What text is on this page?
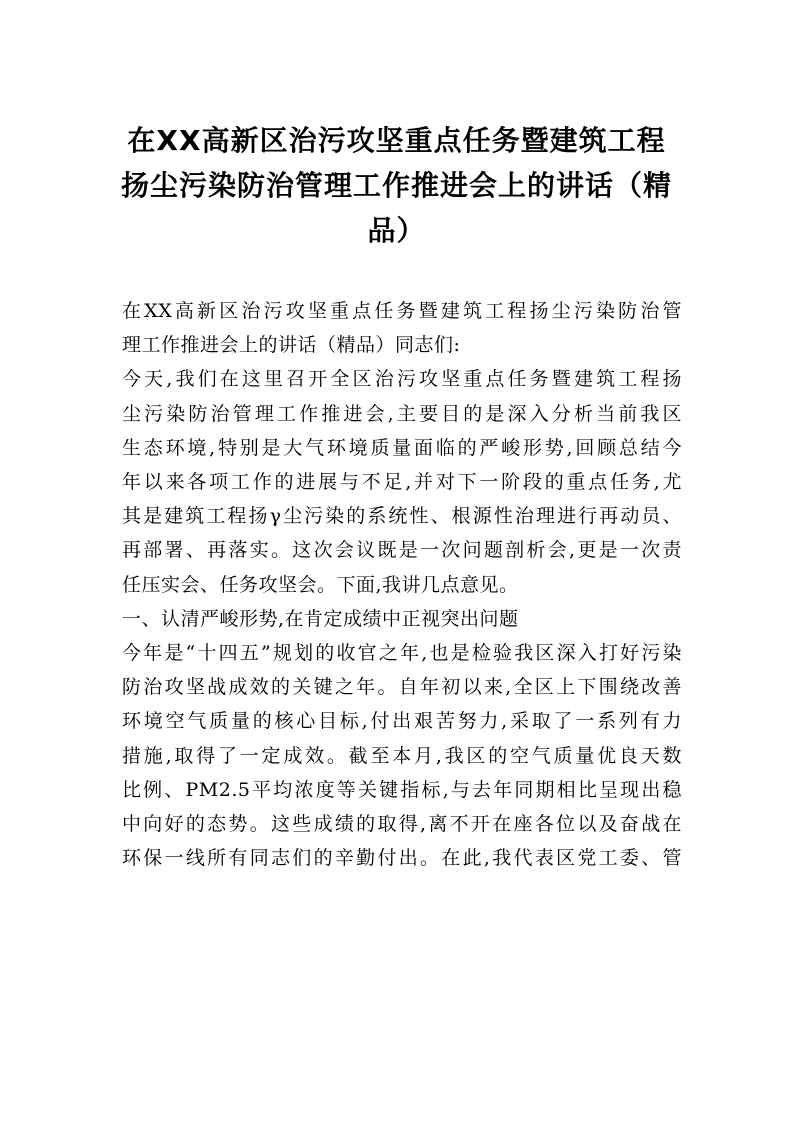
在XX高新区治污攻坚重点任务暨建筑工程
扬尘污染防治管理工作推进会上的讲话（精
品）
在XX高新区治污攻坚重点任务暨建筑工程扬尘污染防治管
理工作推进会上的讲话（精品）同志们:
今天,我们在这里召开全区治污攻坚重点任务暨建筑工程扬
尘污染防治管理工作推进会,主要目的是深入分析当前我区
生态环境,特别是大气环境质量面临的严峻形势,回顾总结今
年以来各项工作的进展与不足,并对下一阶段的重点任务,尤
其是建筑工程扬γ尘污染的系统性、根源性治理进行再动员、
再部署、再落实。这次会议既是一次问题剖析会,更是一次责
任压实会、任务攻坚会。下面,我讲几点意见。
一、认清严峻形势,在肯定成绩中正视突出问题
今年是“十四五”规划的收官之年,也是检验我区深入打好污染
防治攻坚战成效的关键之年。自年初以来,全区上下围绕改善
环境空气质量的核心目标,付出艰苦努力,采取了一系列有力
措施,取得了一定成效。截至本月,我区的空气质量优良天数
比例、PM2.5平均浓度等关键指标,与去年同期相比呈现出稳
中向好的态势。这些成绩的取得,离不开在座各位以及奋战在
环保一线所有同志们的辛勤付出。在此,我代表区党工委、管
